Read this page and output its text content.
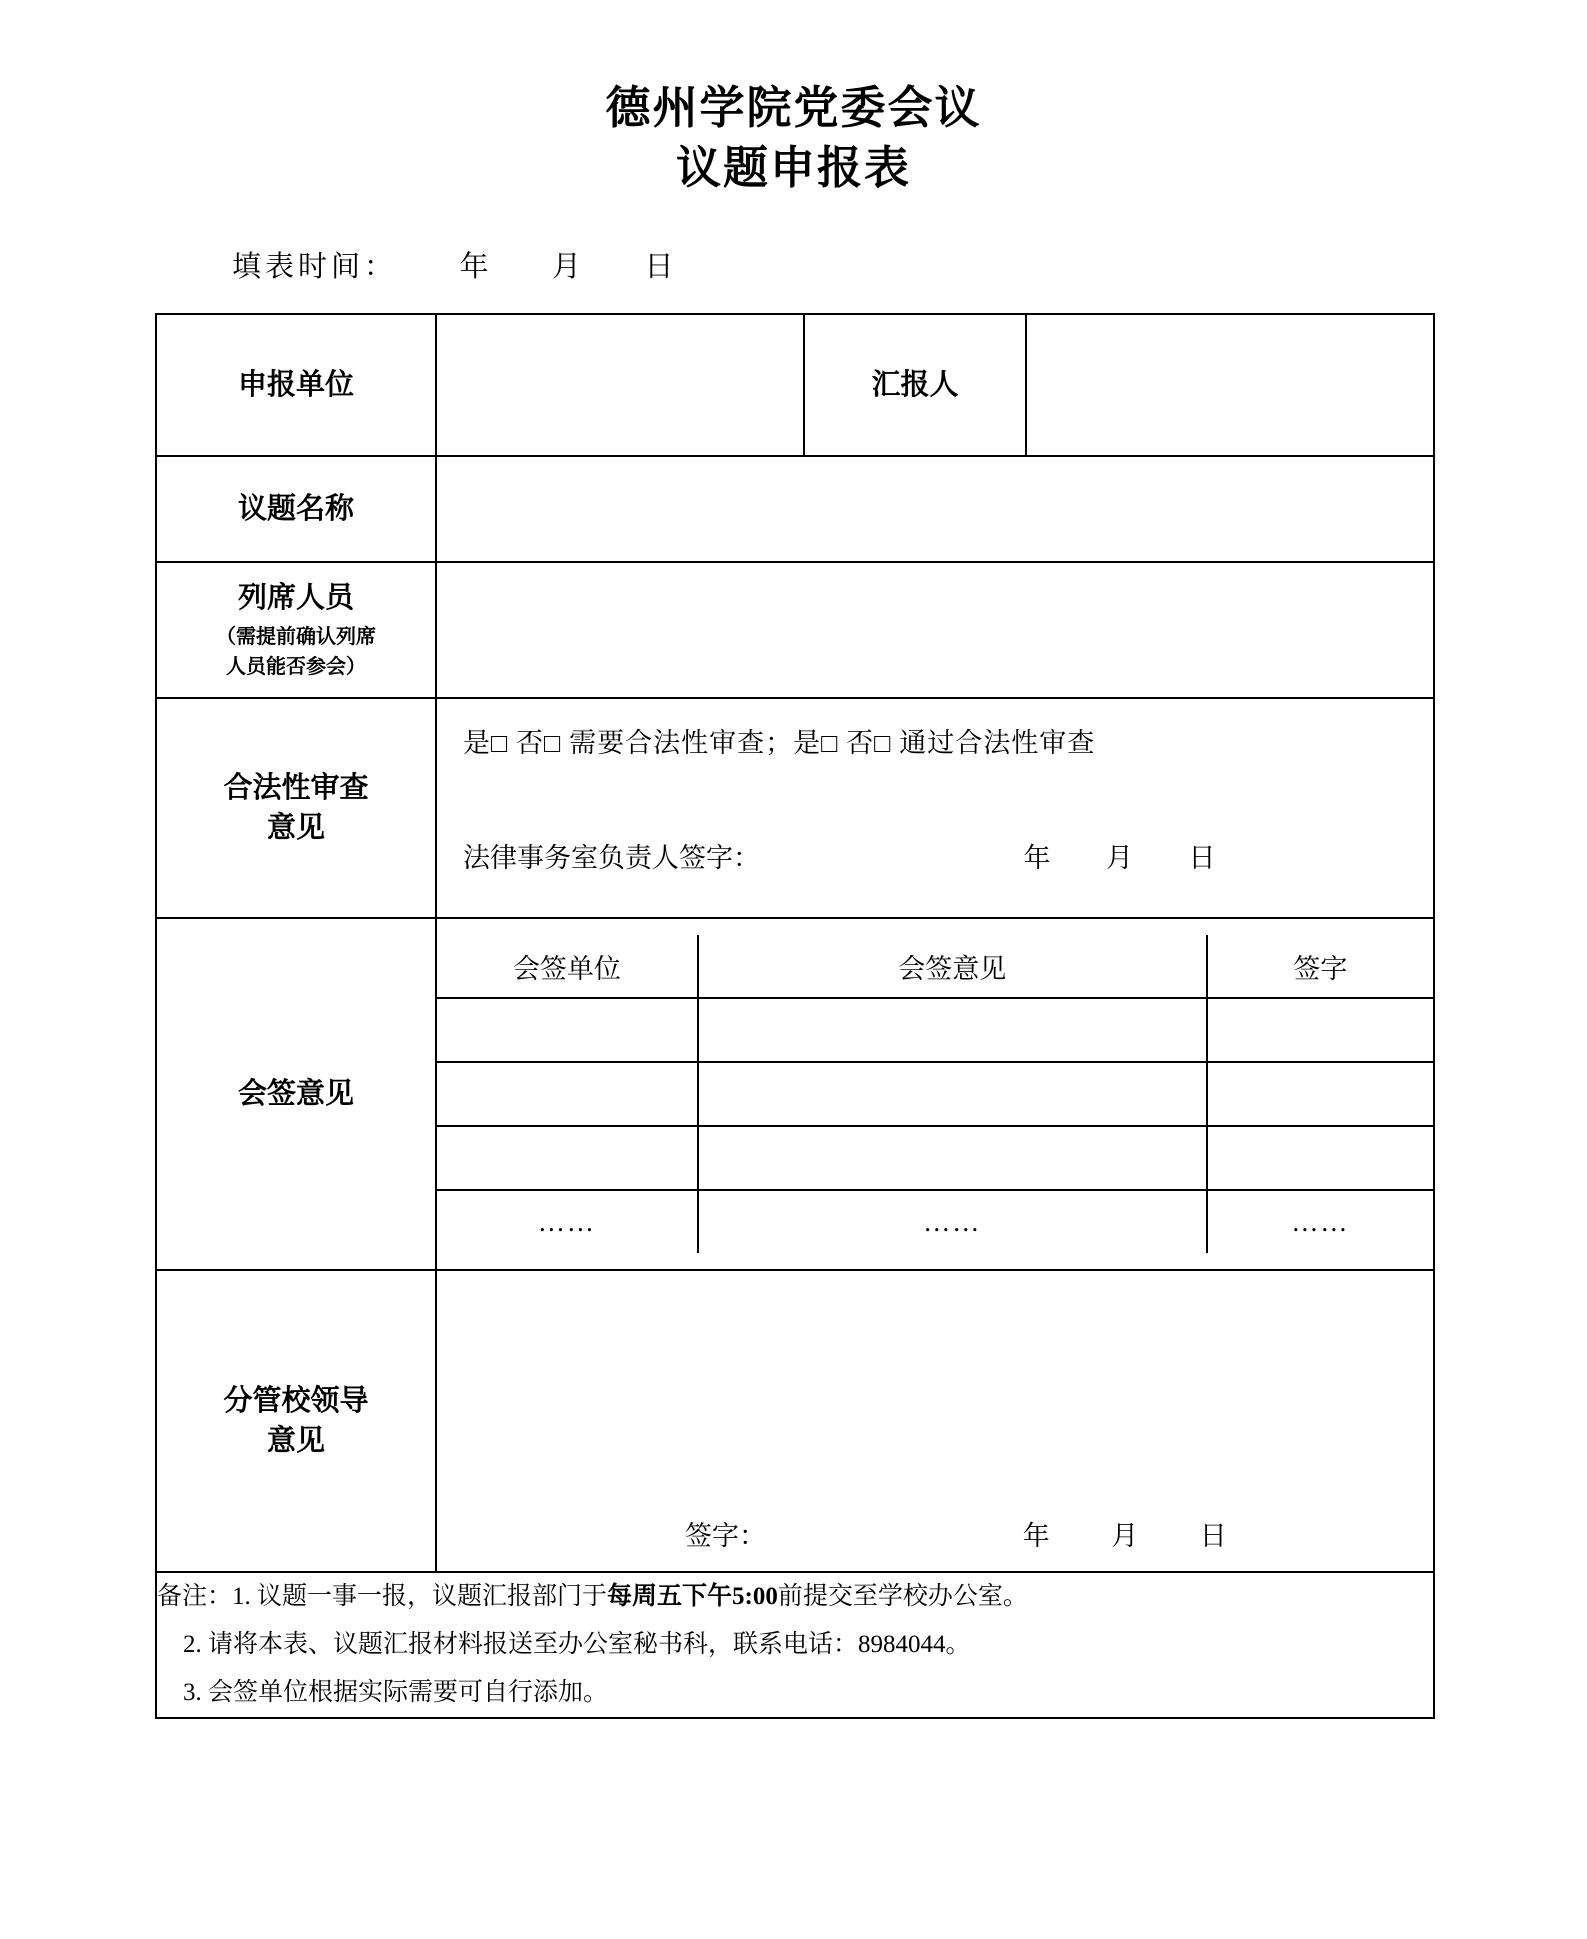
德州学院党委会议
议题申报表
填表时间： 年 月 日
申报单位		汇报人	
议题名称	

列席人员
（需提前确认列席
人员能否参会）

合法性审查
意见

是□ 否□ 需要合法性审查；是□ 否□ 通过合法性审查
法律事务室负责人签字：	年 月 日

会签意见	
会签单位	会签意见	签字

……	……	……

分管校领导
意见

签字：	年 月 日

备注：1. 议题一事一报，议题汇报部门于每周五下午5:00前提交至学校办公室。
2. 请将本表、议题汇报材料报送至办公室秘书科，联系电话：8984044。
3. 会签单位根据实际需要可自行添加。
